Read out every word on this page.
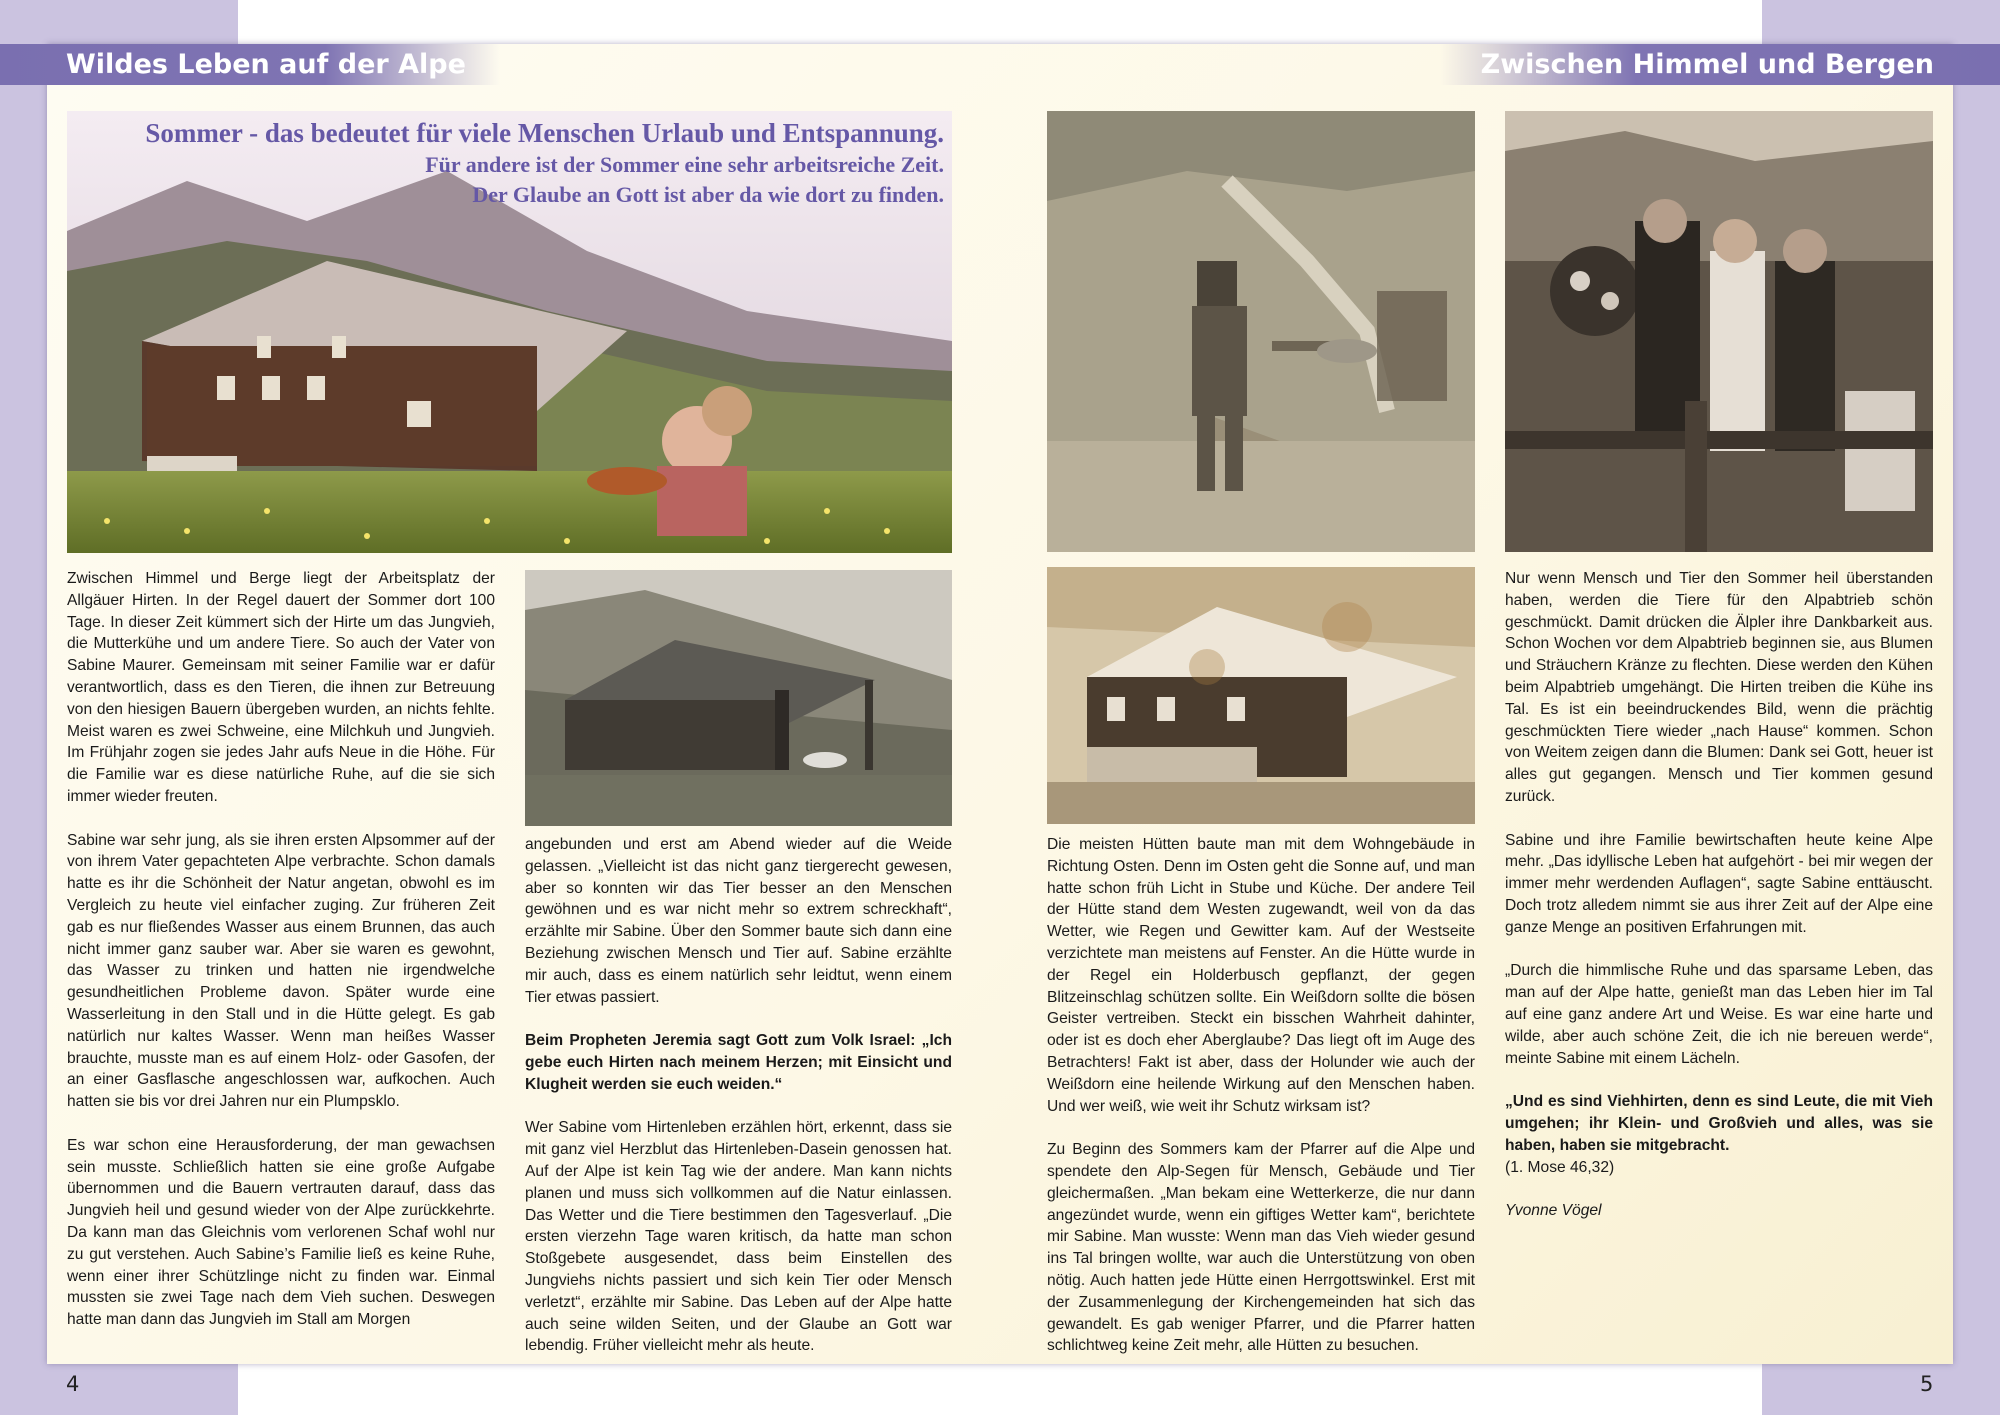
Wildes Leben auf der Alpe	Zwischen Himmel und Bergen
Sommer - das bedeutet für viele Menschen Urlaub und Entspannung.
Für andere ist der Sommer eine sehr arbeitsreiche Zeit.
Der Glaube an Gott ist aber da wie dort zu finden.

Zwischen Himmel und Berge liegt der Arbeitsplatz der Allgäuer Hirten. In der Regel dauert der Sommer dort 100 Tage. In dieser Zeit kümmert sich der Hirte um das Jungvieh, die Mutterkühe und um andere Tiere. So auch der Vater von Sabine Maurer. Gemeinsam mit seiner Familie war er dafür verantwortlich, dass es den Tieren, die ihnen zur Betreuung von den hiesigen Bauern übergeben wurden, an nichts fehlte. Meist waren es zwei Schweine, eine Milchkuh und Jungvieh. Im Frühjahr zogen sie jedes Jahr aufs Neue in die Höhe. Für die Familie war es diese natürliche Ruhe, auf die sie sich immer wieder freuten.

Sabine war sehr jung, als sie ihren ersten Alpsommer auf der von ihrem Vater gepachteten Alpe verbrachte. Schon damals hatte es ihr die Schönheit der Natur angetan, obwohl es im Vergleich zu heute viel einfacher zuging. Zur früheren Zeit gab es nur fließendes Wasser aus einem Brunnen, das auch nicht immer ganz sauber war. Aber sie waren es gewohnt, das Wasser zu trinken und hatten nie irgendwelche gesundheitlichen Probleme davon. Später wurde eine Wasserleitung in den Stall und in die Hütte gelegt. Es gab natürlich nur kaltes Wasser. Wenn man heißes Wasser brauchte, musste man es auf einem Holz- oder Gasofen, der an einer Gasflasche angeschlossen war, aufkochen. Auch hatten sie bis vor drei Jahren nur ein Plumpsklo.

Es war schon eine Herausforderung, der man gewachsen sein musste. Schließlich hatten sie eine große Aufgabe übernommen und die Bauern vertrauten darauf, dass das Jungvieh heil und gesund wieder von der Alpe zurückkehrte. Da kann man das Gleichnis vom verlorenen Schaf wohl nur zu gut verstehen. Auch Sabine’s Familie ließ es keine Ruhe, wenn einer ihrer Schützlinge nicht zu finden war. Einmal mussten sie zwei Tage nach dem Vieh suchen. Deswegen hatte man dann das Jungvieh im Stall am Morgen

angebunden und erst am Abend wieder auf die Weide gelassen. „Vielleicht ist das nicht ganz tiergerecht gewesen, aber so konnten wir das Tier besser an den Menschen gewöhnen und es war nicht mehr so extrem schreckhaft“, erzählte mir Sabine. Über den Sommer baute sich dann eine Beziehung zwischen Mensch und Tier auf. Sabine erzählte mir auch, dass es einem natürlich sehr leidtut, wenn einem Tier etwas passiert.

Beim Propheten Jeremia sagt Gott zum Volk Israel: „Ich gebe euch Hirten nach meinem Herzen; mit Einsicht und Klugheit werden sie euch weiden.“

Wer Sabine vom Hirtenleben erzählen hört, erkennt, dass sie mit ganz viel Herzblut das Hirtenleben-Dasein genossen hat. Auf der Alpe ist kein Tag wie der andere. Man kann nichts planen und muss sich vollkommen auf die Natur einlassen. Das Wetter und die Tiere bestimmen den Tagesverlauf. „Die ersten vierzehn Tage waren kritisch, da hatte man schon Stoßgebete ausgesendet, dass beim Einstellen des Jungviehs nichts passiert und sich kein Tier oder Mensch verletzt“, erzählte mir Sabine. Das Leben auf der Alpe hatte auch seine wilden Seiten, und der Glaube an Gott war lebendig. Früher vielleicht mehr als heute.

Die meisten Hütten baute man mit dem Wohngebäude in Richtung Osten. Denn im Osten geht die Sonne auf, und man hatte schon früh Licht in Stube und Küche. Der andere Teil der Hütte stand dem Westen zugewandt, weil von da das Wetter, wie Regen und Gewitter kam. Auf der Westseite verzichtete man meistens auf Fenster. An die Hütte wurde in der Regel ein Holderbusch gepflanzt, der gegen Blitzeinschlag schützen sollte. Ein Weißdorn sollte die bösen Geister vertreiben. Steckt ein bisschen Wahrheit dahinter, oder ist es doch eher Aberglaube? Das liegt oft im Auge des Betrachters! Fakt ist aber, dass der Holunder wie auch der Weißdorn eine heilende Wirkung auf den Menschen haben. Und wer weiß, wie weit ihr Schutz wirksam ist?

Zu Beginn des Sommers kam der Pfarrer auf die Alpe und spendete den Alp-Segen für Mensch, Gebäude und Tier gleichermaßen. „Man bekam eine Wetterkerze, die nur dann angezündet wurde, wenn ein giftiges Wetter kam“, berichtete mir Sabine. Man wusste: Wenn man das Vieh wieder gesund ins Tal bringen wollte, war auch die Unterstützung von oben nötig. Auch hatten jede Hütte einen Herrgottswinkel. Erst mit der Zusammenlegung der Kirchengemeinden hat sich das gewandelt. Es gab weniger Pfarrer, und die Pfarrer hatten schlichtweg keine Zeit mehr, alle Hütten zu besuchen.

Nur wenn Mensch und Tier den Sommer heil überstanden haben, werden die Tiere für den Alpabtrieb schön geschmückt. Damit drücken die Älpler ihre Dankbarkeit aus. Schon Wochen vor dem Alpabtrieb beginnen sie, aus Blumen und Sträuchern Kränze zu flechten. Diese werden den Kühen beim Alpabtrieb umgehängt. Die Hirten treiben die Kühe ins Tal. Es ist ein beeindruckendes Bild, wenn die prächtig geschmückten Tiere wieder „nach Hause“ kommen. Schon von Weitem zeigen dann die Blumen: Dank sei Gott, heuer ist alles gut gegangen. Mensch und Tier kommen gesund zurück.

Sabine und ihre Familie bewirtschaften heute keine Alpe mehr. „Das idyllische Leben hat aufgehört - bei mir wegen der immer mehr werdenden Auflagen“, sagte Sabine enttäuscht. Doch trotz alledem nimmt sie aus ihrer Zeit auf der Alpe eine ganze Menge an positiven Erfahrungen mit.

„Durch die himmlische Ruhe und das sparsame Leben, das man auf der Alpe hatte, genießt man das Leben hier im Tal auf eine ganz andere Art und Weise. Es war eine harte und wilde, aber auch schöne Zeit, die ich nie bereuen werde“, meinte Sabine mit einem Lächeln.

„Und es sind Viehhirten, denn es sind Leute, die mit Vieh umgehen; ihr Klein- und Großvieh und alles, was sie haben, haben sie mitgebracht.

(1. Mose 46,32)

Yvonne Vögel

4	5
